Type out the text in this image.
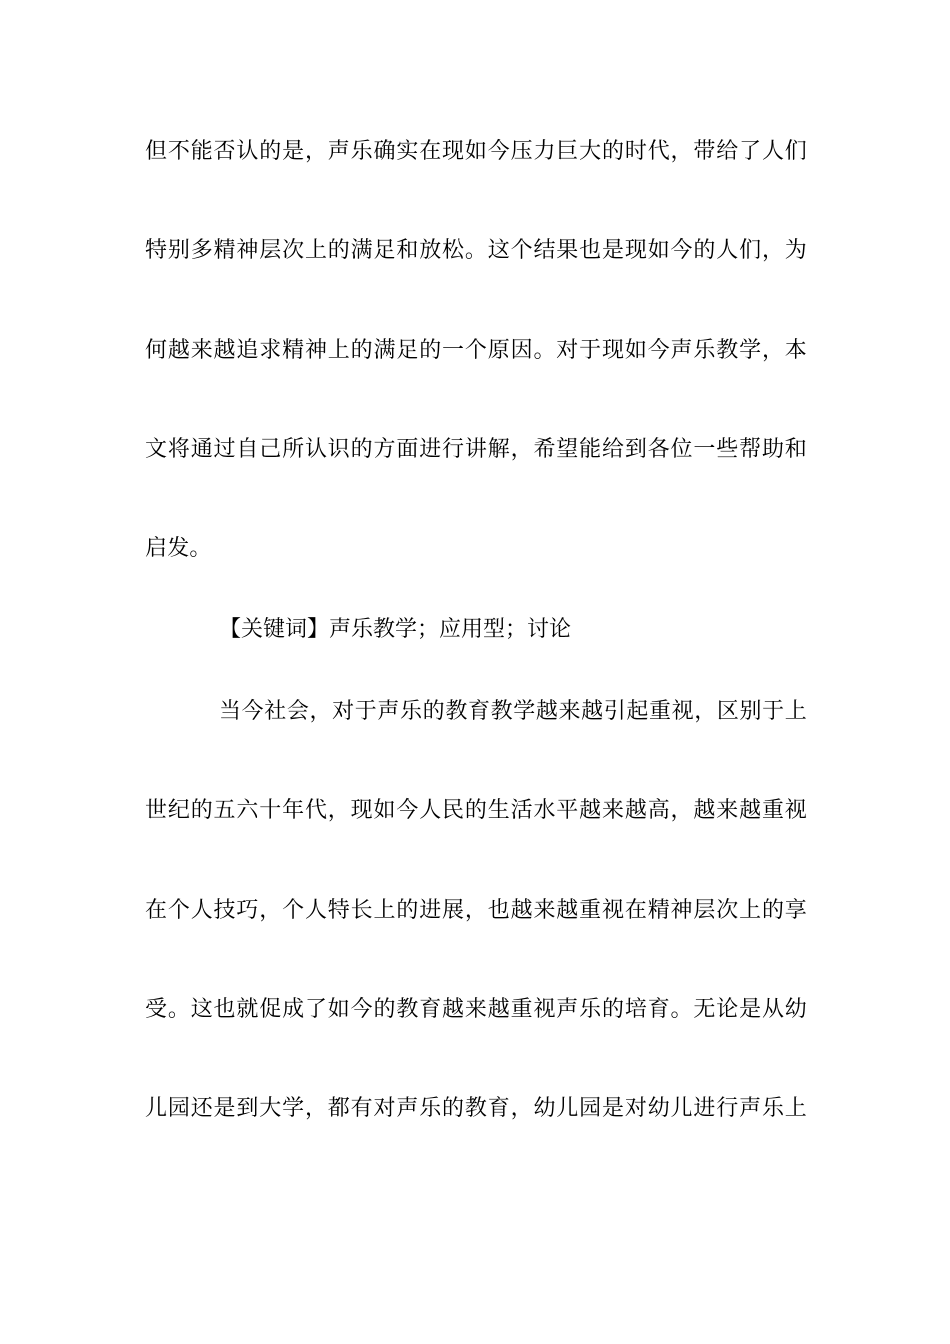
但不能否认的是，声乐确实在现如今压力巨大的时代，带给了人们
特别多精神层次上的满足和放松。这个结果也是现如今的人们，为
何越来越追求精神上的满足的一个原因。对于现如今声乐教学，本
文将通过自己所认识的方面进行讲解，希望能给到各位一些帮助和
启发。
【关键词】声乐教学；应用型；讨论
当今社会，对于声乐的教育教学越来越引起重视，区别于上
世纪的五六十年代，现如今人民的生活水平越来越高，越来越重视
在个人技巧，个人特长上的进展，也越来越重视在精神层次上的享
受。这也就促成了如今的教育越来越重视声乐的培育。无论是从幼
儿园还是到大学，都有对声乐的教育，幼儿园是对幼儿进行声乐上
